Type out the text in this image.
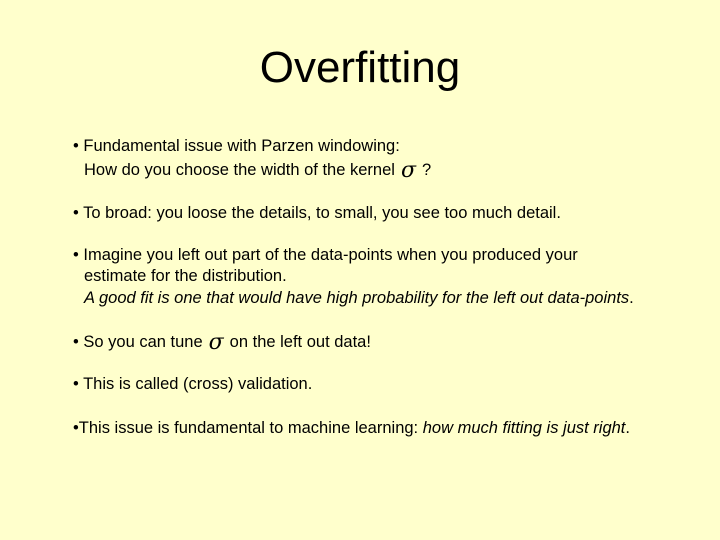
Overfitting
• Fundamental issue with Parzen windowing:
How do you choose the width of the kernel σ ?
• To broad: you loose the details, to small, you see too much detail.
• Imagine you left out part of the data-points when you produced your
estimate for the distribution.
A good fit is one that would have high probability for the left out data-points.
• So you can tune σ on the left out data!
• This is called (cross) validation.
•This issue is fundamental to machine learning: how much fitting is just right.
